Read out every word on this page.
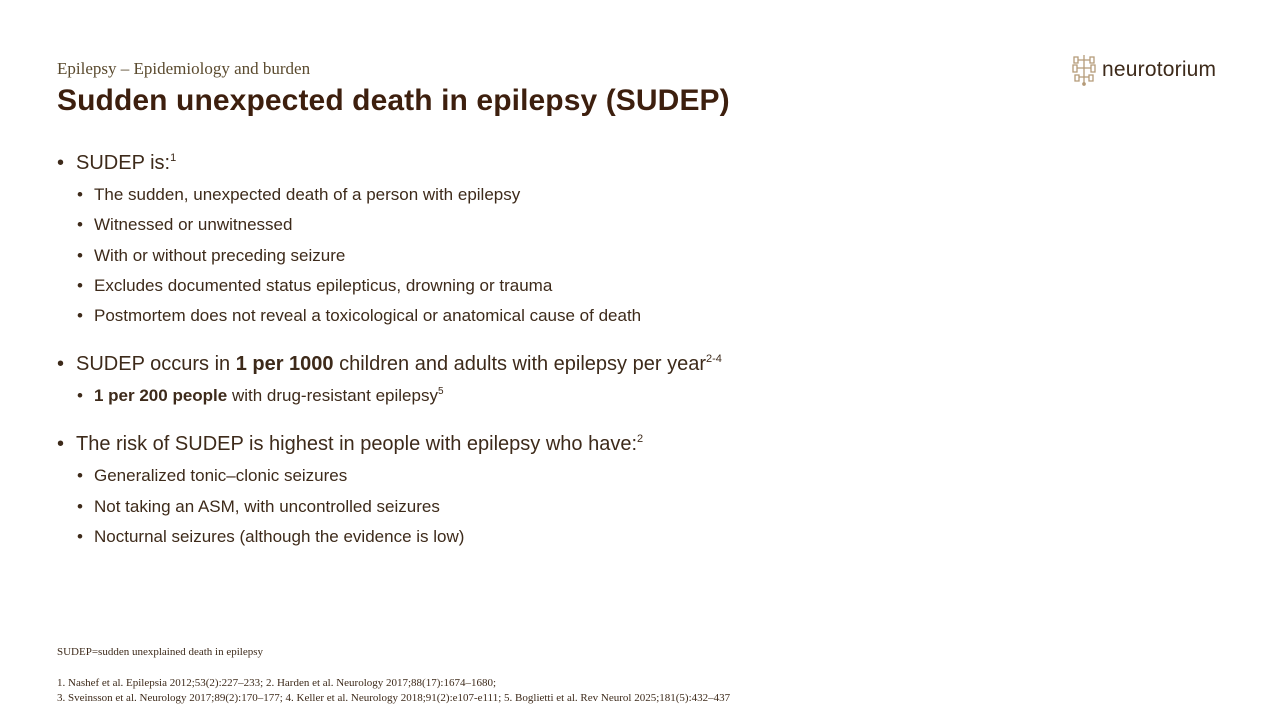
Epilepsy – Epidemiology and burden
Sudden unexpected death in epilepsy (SUDEP)
neurotorium
• SUDEP is:$^1$
• The sudden, unexpected death of a person with epilepsy
• Witnessed or unwitnessed
• With or without preceding seizure
• Excludes documented status epilepticus, drowning or trauma
• Postmortem does not reveal a toxicological or anatomical cause of death
• SUDEP occurs in 1 per 1000 children and adults with epilepsy per year$^{2-4}$
• 1 per 200 people with drug-resistant epilepsy$^5$
• The risk of SUDEP is highest in people with epilepsy who have:$^2$
• Generalized tonic–clonic seizures
• Not taking an ASM, with uncontrolled seizures
• Nocturnal seizures (although the evidence is low)
SUDEP=sudden unexplained death in epilepsy
1. Nashef et al. Epilepsia 2012;53(2):227–233; 2. Harden et al. Neurology 2017;88(17):1674–1680;
3. Sveinsson et al. Neurology 2017;89(2):170–177; 4. Keller et al. Neurology 2018;91(2):e107-e111; 5. Boglietti et al. Rev Neurol 2025;181(5):432–437
